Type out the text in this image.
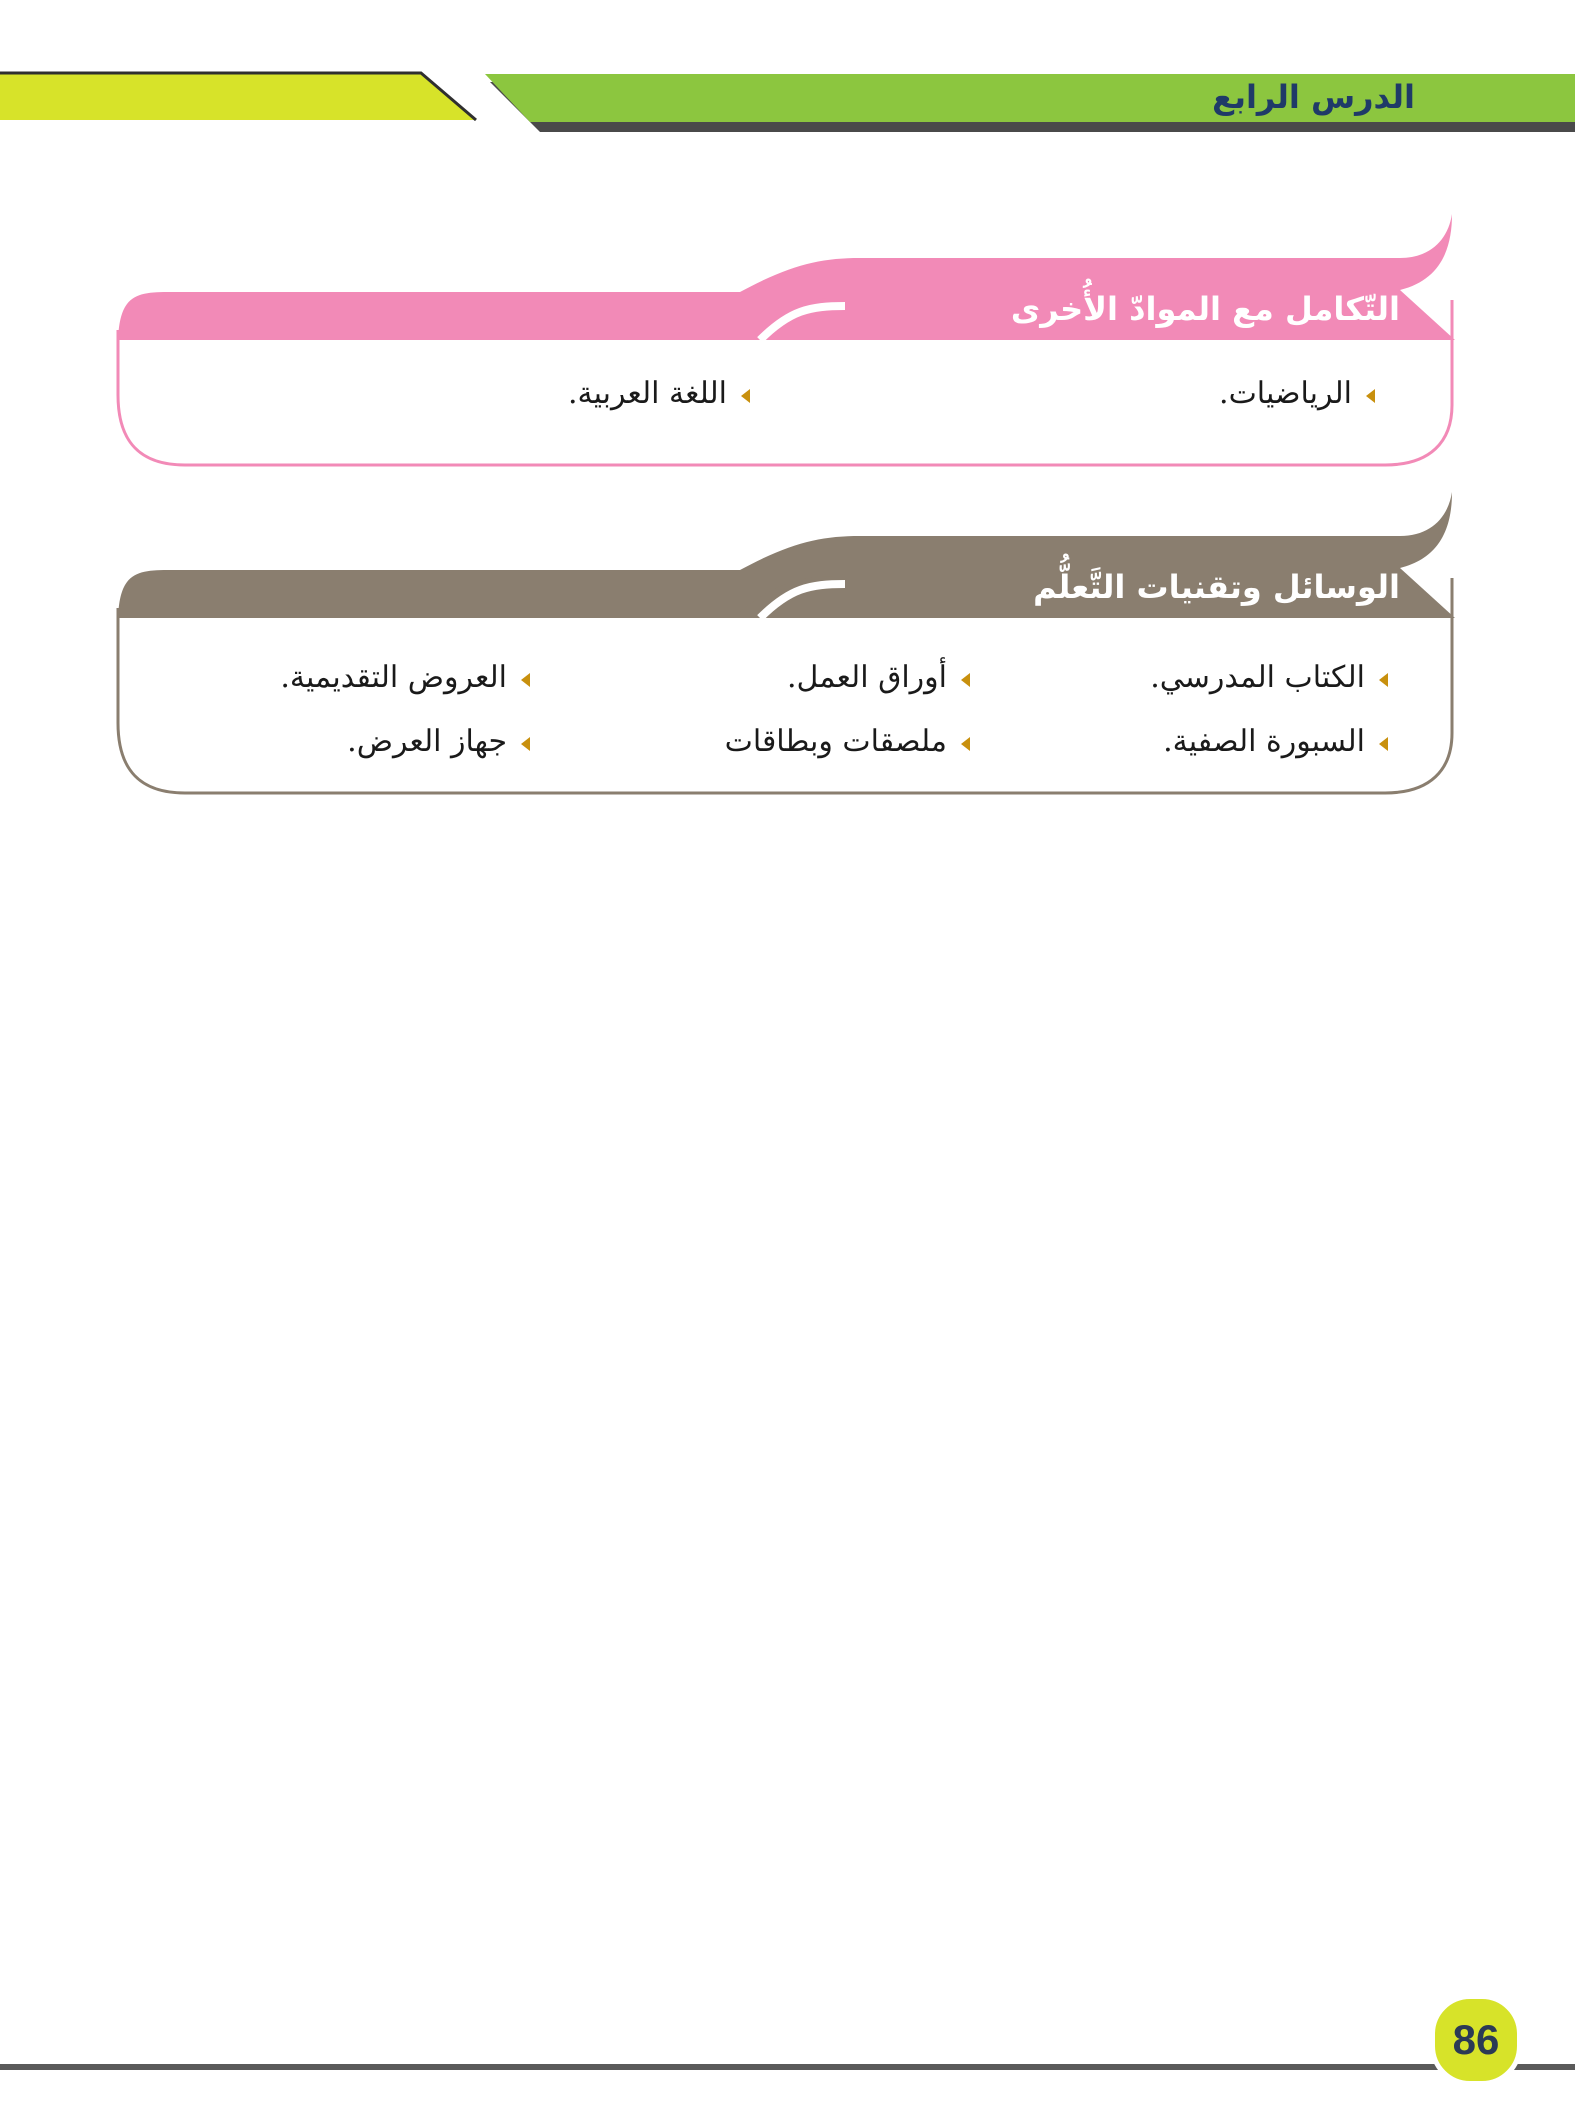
الدرس الرابع
التّكامل مع الموادّ الأُخرى
الرياضيات.
اللغة العربية.
الوسائل وتقنيات التَّعلُّم
الكتاب المدرسي.
أوراق العمل.
العروض التقديمية.
السبورة الصفية.
ملصقات وبطاقات
جهاز العرض.
86
